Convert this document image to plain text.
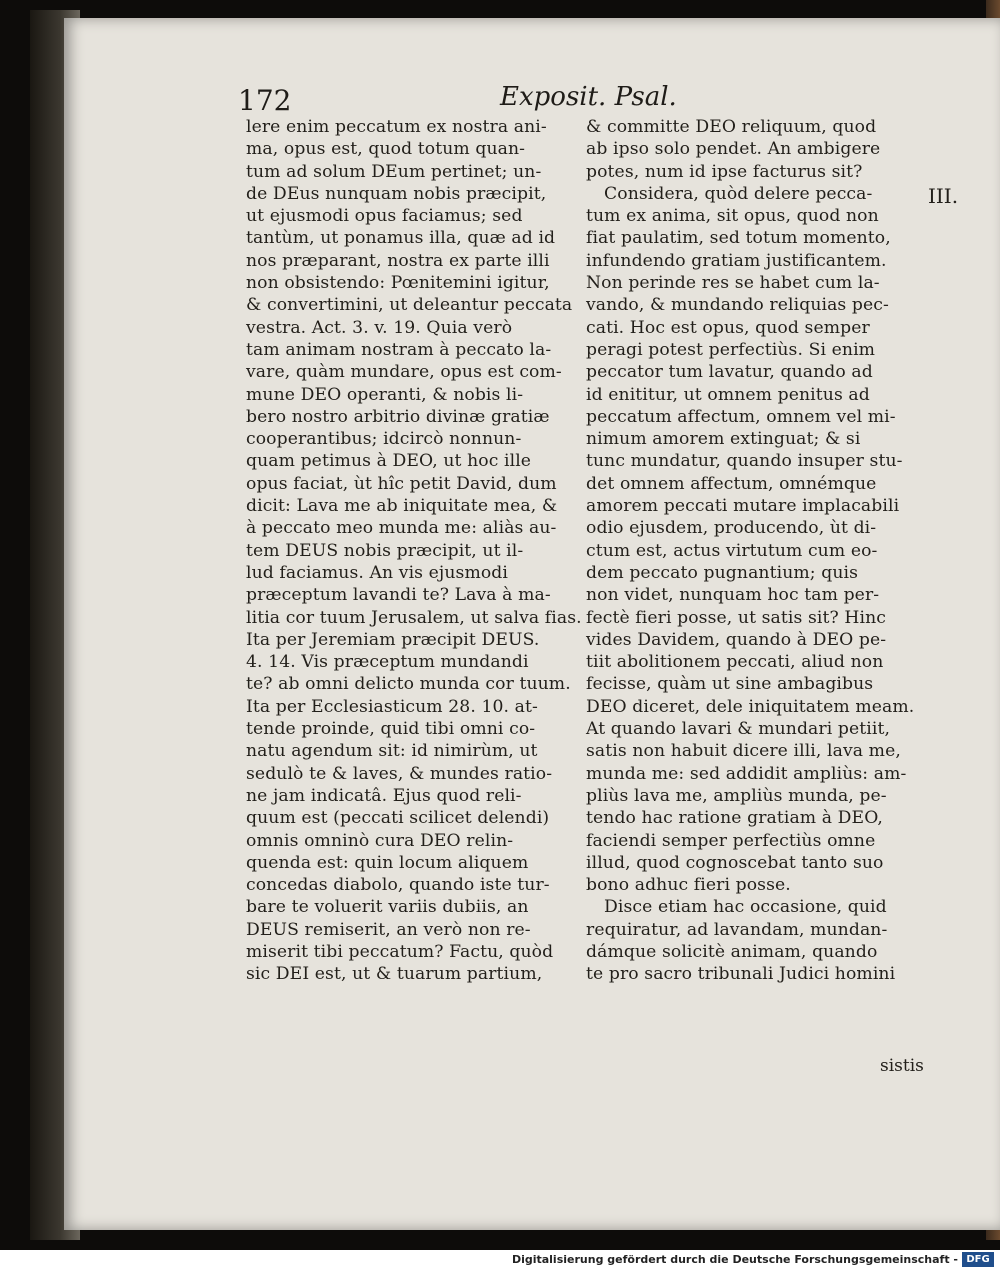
172	Exposit. Psal.
lere enim peccatum ex nostra ani-
ma, opus est, quod totum quan-
tum ad solum DEum pertinet; un-
de DEus nunquam nobis præcipit,
ut ejusmodi opus faciamus; sed
tantùm, ut ponamus illa, quæ ad id
nos præparant, nostra ex parte illi
non obsistendo: Pœnitemini igitur,
& convertimini, ut deleantur peccata
vestra. Act. 3. v. 19. Quia verò
tam animam nostram à peccato la-
vare, quàm mundare, opus est com-
mune DEO operanti, & nobis li-
bero nostro arbitrio divinæ gratiæ
cooperantibus; idcircò nonnun-
quam petimus à DEO, ut hoc ille
opus faciat, ùt hîc petit David, dum
dicit: Lava me ab iniquitate mea, &
à peccato meo munda me: aliàs au-
tem DEUS nobis præcipit, ut il-
lud faciamus. An vis ejusmodi
præceptum lavandi te? Lava à ma-
litia cor tuum Jerusalem, ut salva fias.
Ita per Jeremiam præcipit DEUS.
4. 14. Vis præceptum mundandi
te? ab omni delicto munda cor tuum.
Ita per Ecclesiasticum 28. 10. at-
tende proinde, quid tibi omni co-
natu agendum sit: id nimirùm, ut
sedulò te & laves, & mundes ratio-
ne jam indicatâ. Ejus quod reli-
quum est (peccati scilicet delendi)
omnis omninò cura DEO relin-
quenda est: quin locum aliquem
concedas diabolo, quando iste tur-
bare te voluerit variis dubiis, an
DEUS remiserit, an verò non re-
miserit tibi peccatum? Factu, quòd
sic DEI est, ut & tuarum partium,
& committe DEO reliquum, quod
ab ipso solo pendet. An ambigere
potes, num id ipse facturus sit?
Considera, quòd delere pecca-
tum ex anima, sit opus, quod non
fiat paulatim, sed totum momento,
infundendo gratiam justificantem.
Non perinde res se habet cum la-
vando, & mundando reliquias pec-
cati. Hoc est opus, quod semper
peragi potest perfectiùs. Si enim
peccator tum lavatur, quando ad
id enititur, ut omnem penitus ad
peccatum affectum, omnem vel mi-
nimum amorem extinguat; & si
tunc mundatur, quando insuper stu-
det omnem affectum, omnémque
amorem peccati mutare implacabili
odio ejusdem, producendo, ùt di-
ctum est, actus virtutum cum eo-
dem peccato pugnantium; quis
non videt, nunquam hoc tam per-
fectè fieri posse, ut satis sit? Hinc
vides Davidem, quando à DEO pe-
tiit abolitionem peccati, aliud non
fecisse, quàm ut sine ambagibus
DEO diceret, dele iniquitatem meam.
At quando lavari & mundari petiit,
satis non habuit dicere illi, lava me,
munda me: sed addidit ampliùs: am-
pliùs lava me, ampliùs munda, pe-
tendo hac ratione gratiam à DEO,
faciendi semper perfectiùs omne
illud, quod cognoscebat tanto suo
bono adhuc fieri posse.
Disce etiam hac occasione, quid
requiratur, ad lavandam, mundan-
dámque solicitè animam, quando
te pro sacro tribunali Judici homini
III.
sistis
Digitalisierung gefördert durch die Deutsche Forschungsgemeinschaft - DFG
